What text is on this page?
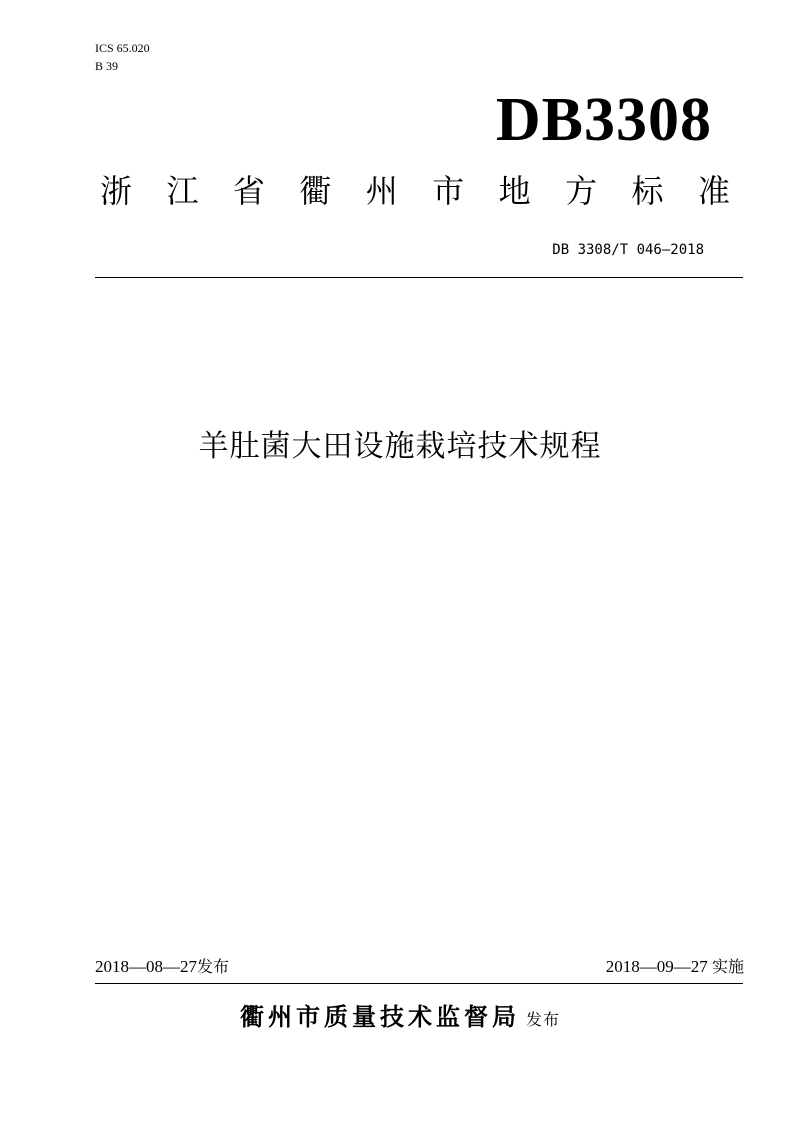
ICS 65.020
B 39
DB3308
浙 江 省 衢 州 市 地 方 标 准
DB 3308/T 046—2018
羊肚菌大田设施栽培技术规程
2018—08—27发布	2018—09—27 实施
衢州市质量技术监督局 发布
